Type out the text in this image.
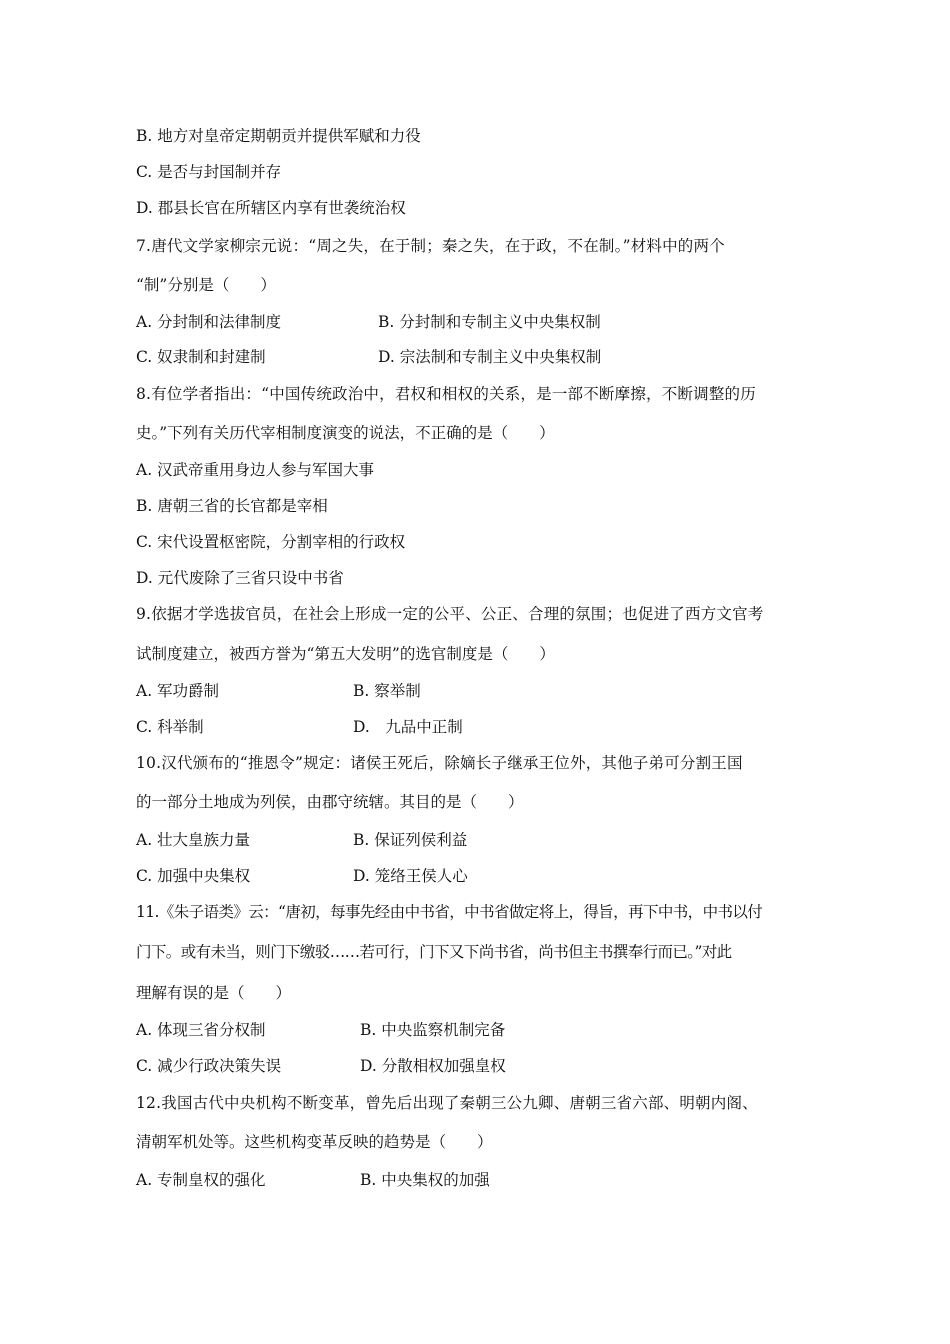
B. 地方对皇帝定期朝贡并提供军赋和力役
C. 是否与封国制并存
D. 郡县长官在所辖区内享有世袭统治权
7.唐代文学家柳宗元说：“周之失，在于制；秦之失，在于政，不在制。”材料中的两个
“制”分别是（　　）
A. 分封制和法律制度	B. 分封制和专制主义中央集权制
C. 奴隶制和封建制	D. 宗法制和专制主义中央集权制
8.有位学者指出：“中国传统政治中，君权和相权的关系，是一部不断摩擦，不断调整的历
史。”下列有关历代宰相制度演变的说法，不正确的是（　　）
A. 汉武帝重用身边人参与军国大事
B. 唐朝三省的长官都是宰相
C. 宋代设置枢密院，分割宰相的行政权
D. 元代废除了三省只设中书省
9.依据才学选拔官员，在社会上形成一定的公平、公正、合理的氛围；也促进了西方文官考
试制度建立，被西方誉为“第五大发明”的选官制度是（　　）
A. 军功爵制	B. 察举制
C. 科举制	D.　九品中正制
10.汉代颁布的“推恩令”规定：诸侯王死后，除嫡长子继承王位外，其他子弟可分割王国
的一部分土地成为列侯，由郡守统辖。其目的是（　　）
A. 壮大皇族力量	B. 保证列侯利益
C. 加强中央集权	D. 笼络王侯人心
11.《朱子语类》云：“唐初，每事先经由中书省，中书省做定将上，得旨，再下中书，中书以付
门下。或有未当，则门下缴驳……若可行，门下又下尚书省，尚书但主书撰奉行而已。”对此
理解有误的是（　　）
A. 体现三省分权制	B. 中央监察机制完备
C. 减少行政决策失误	D. 分散相权加强皇权
12.我国古代中央机构不断变革，曾先后出现了秦朝三公九卿、唐朝三省六部、明朝内阁、
清朝军机处等。这些机构变革反映的趋势是（　　）
A. 专制皇权的强化	B. 中央集权的加强
